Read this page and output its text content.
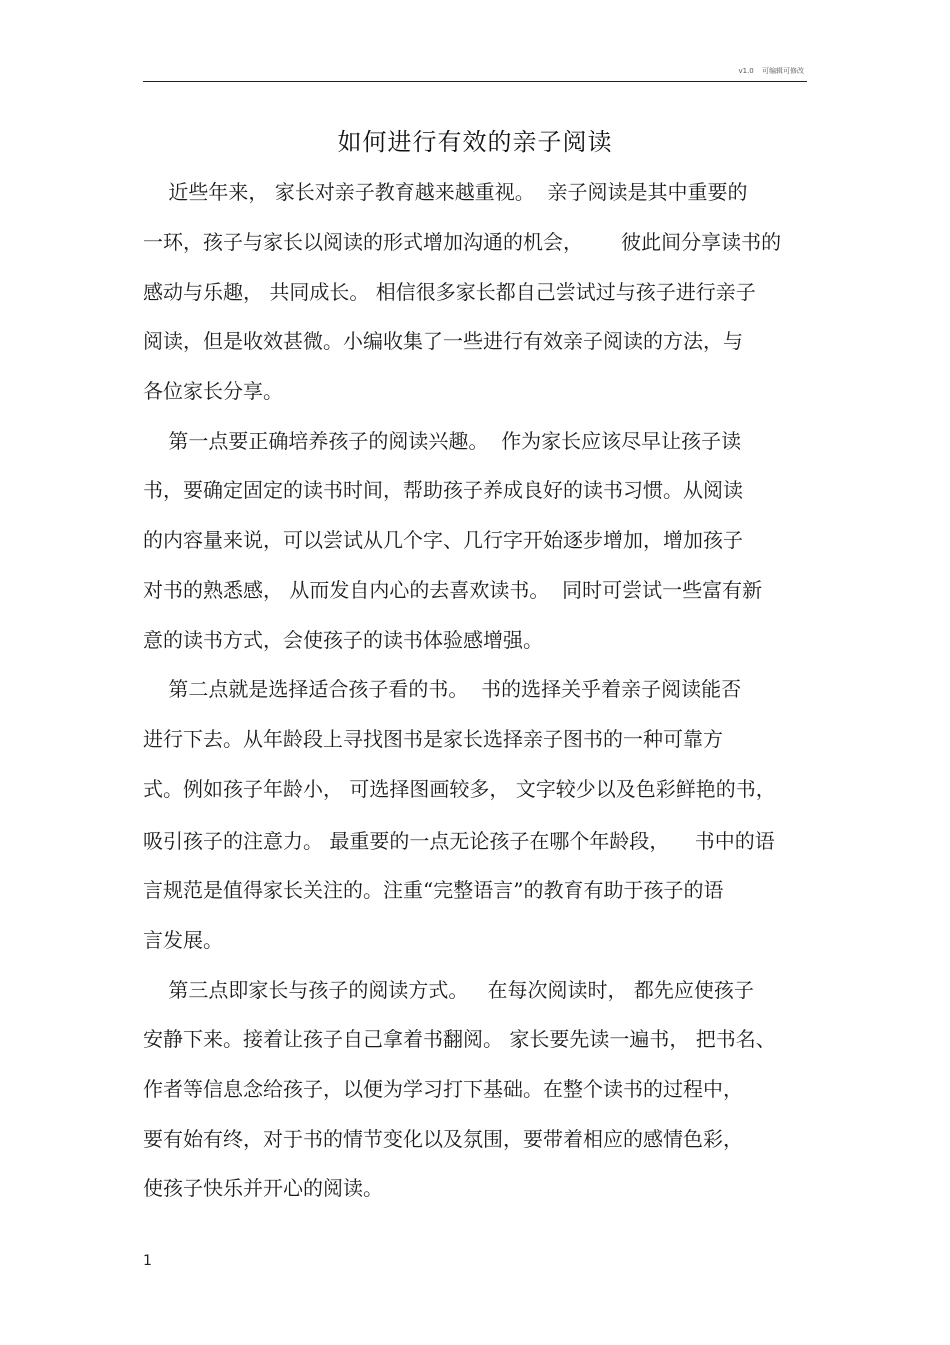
v1.0 可编辑可修改
如何进行有效的亲子阅读
近些年来， 家长对亲子教育越来越重视。  亲子阅读是其中重要的
一环，孩子与家长以阅读的形式增加沟通的机会，      彼此间分享读书的
感动与乐趣， 共同成长。 相信很多家长都自己尝试过与孩子进行亲子
阅读，但是收效甚微。小编收集了一些进行有效亲子阅读的方法，与
各位家长分享。
第一点要正确培养孩子的阅读兴趣。  作为家长应该尽早让孩子读
书，要确定固定的读书时间，帮助孩子养成良好的读书习惯。从阅读
的内容量来说，可以尝试从几个字、几行字开始逐步增加，增加孩子
对书的熟悉感， 从而发自内心的去喜欢读书。  同时可尝试一些富有新
意的读书方式，会使孩子的读书体验感增强。
第二点就是选择适合孩子看的书。  书的选择关乎着亲子阅读能否
进行下去。从年龄段上寻找图书是家长选择亲子图书的一种可靠方
式。例如孩子年龄小， 可选择图画较多， 文字较少以及色彩鲜艳的书，
吸引孩子的注意力。 最重要的一点无论孩子在哪个年龄段，    书中的语
言规范是值得家长关注的。注重“完整语言”的教育有助于孩子的语
言发展。
第三点即家长与孩子的阅读方式。   在每次阅读时， 都先应使孩子
安静下来。接着让孩子自己拿着书翻阅。 家长要先读一遍书， 把书名、
作者等信息念给孩子，以便为学习打下基础。在整个读书的过程中，
要有始有终，对于书的情节变化以及氛围，要带着相应的感情色彩，
使孩子快乐并开心的阅读。
1
